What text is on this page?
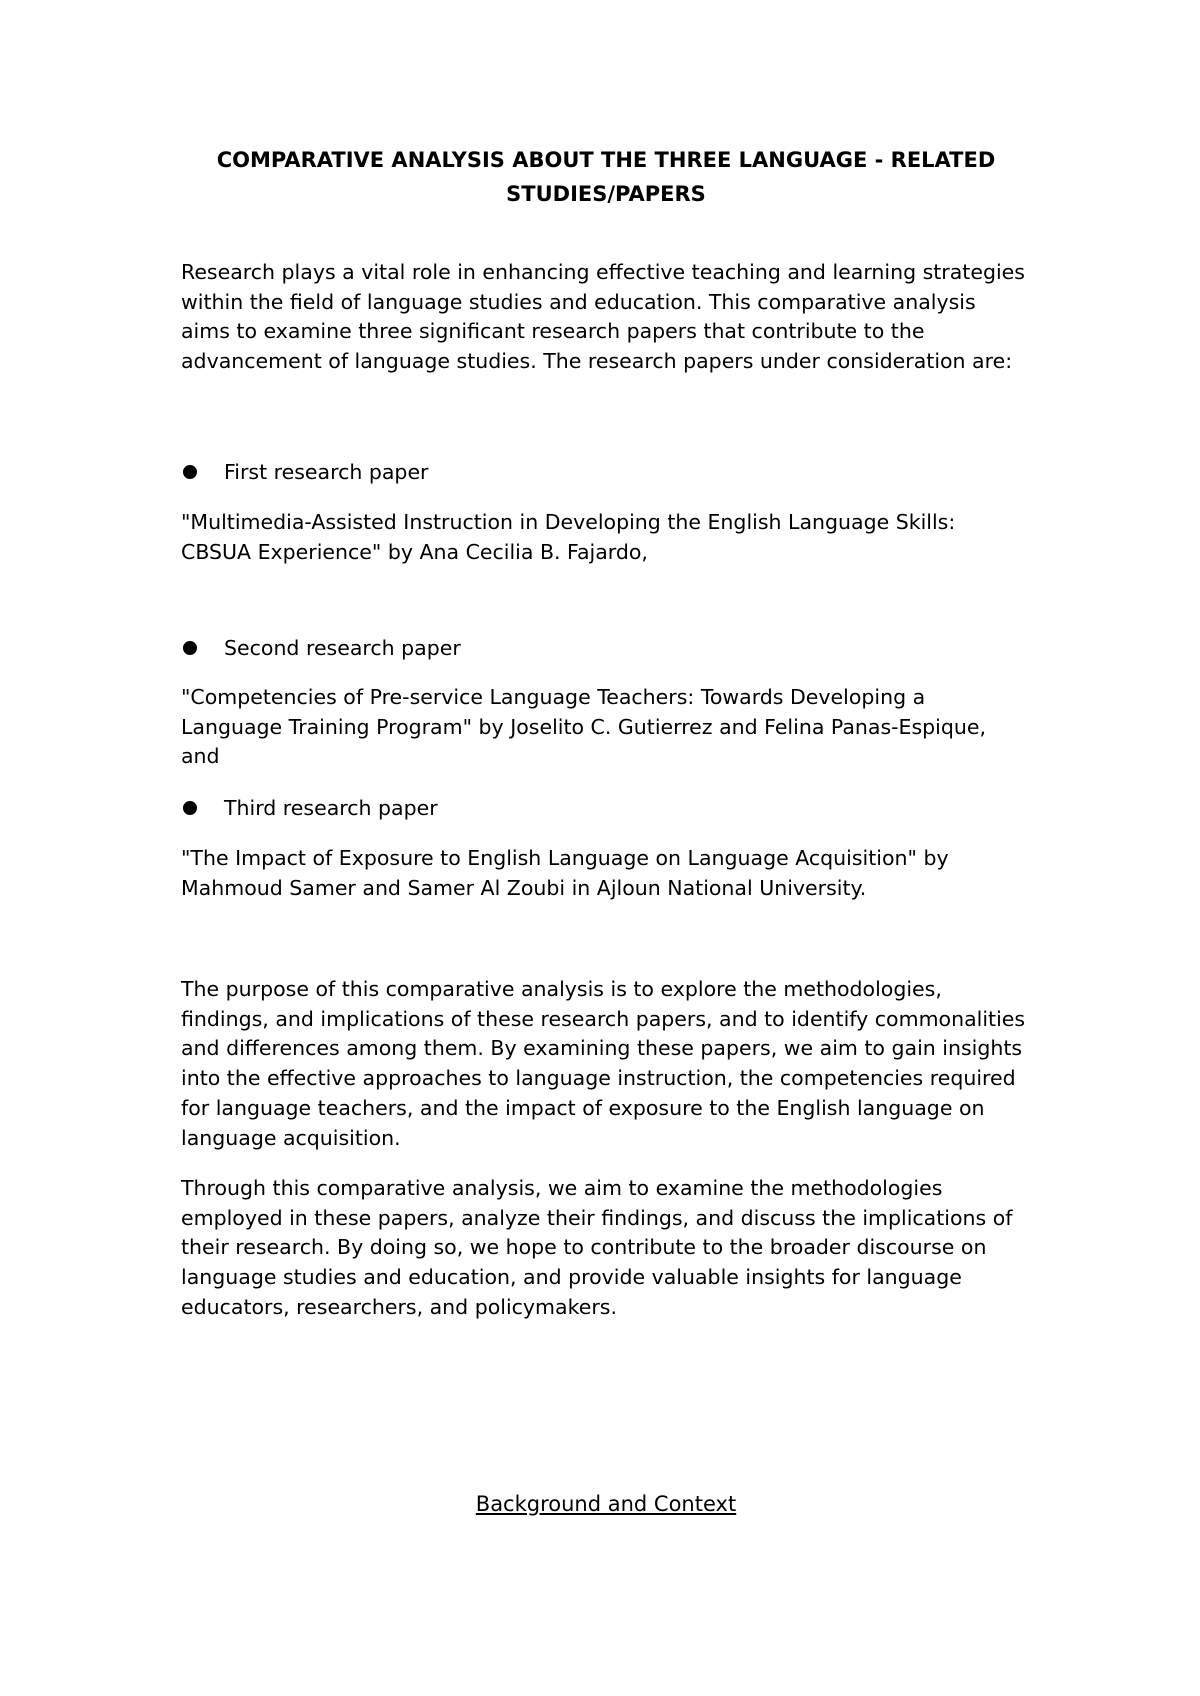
COMPARATIVE ANALYSIS ABOUT THE THREE LANGUAGE - RELATED STUDIES/PAPERS

Research plays a vital role in enhancing effective teaching and learning strategies within the field of language studies and education. This comparative analysis aims to examine three significant research papers that contribute to the advancement of language studies. The research papers under consideration are:

First research paper

"Multimedia-Assisted Instruction in Developing the English Language Skills: CBSUA Experience" by Ana Cecilia B. Fajardo,

Second research paper

"Competencies of Pre-service Language Teachers: Towards Developing a Language Training Program" by Joselito C. Gutierrez and Felina Panas-Espique, and

Third research paper

"The Impact of Exposure to English Language on Language Acquisition" by Mahmoud Samer and Samer Al Zoubi in Ajloun National University.

The purpose of this comparative analysis is to explore the methodologies, findings, and implications of these research papers, and to identify commonalities and differences among them. By examining these papers, we aim to gain insights into the effective approaches to language instruction, the competencies required for language teachers, and the impact of exposure to the English language on language acquisition.

Through this comparative analysis, we aim to examine the methodologies employed in these papers, analyze their findings, and discuss the implications of their research. By doing so, we hope to contribute to the broader discourse on language studies and education, and provide valuable insights for language educators, researchers, and policymakers.

Background and Context
